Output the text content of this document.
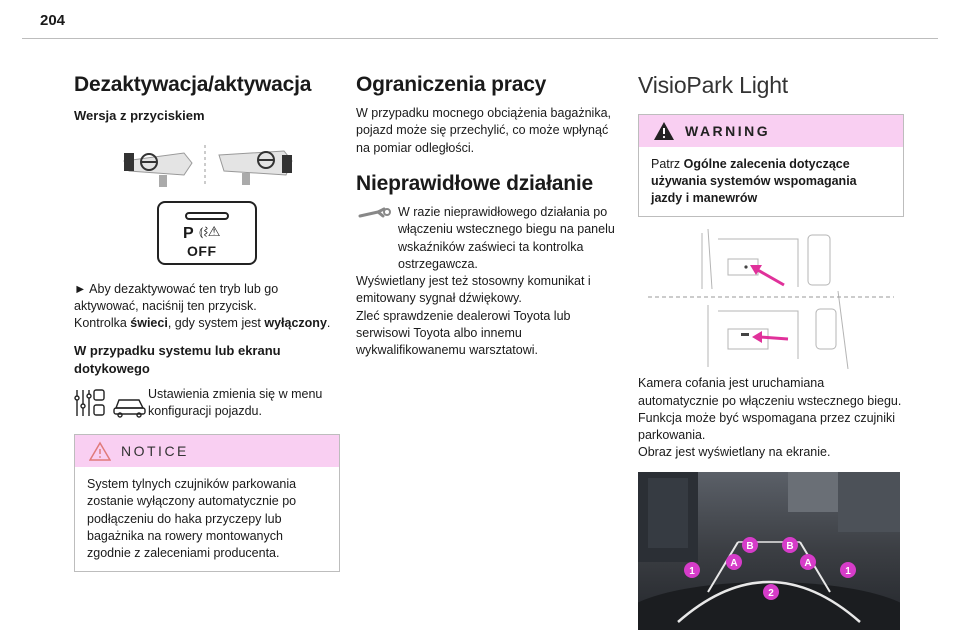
204
Dezaktywacja/aktywacja
Wersja z przyciskiem
P ⦅⌇⚠
OFF

► Aby dezaktywować ten tryb lub go aktywować, naciśnij ten przycisk.

Kontrolka świeci, gdy system jest wyłączony.

W przypadku systemu lub ekranu dotykowego

Ustawienia zmienia się w menu konfiguracji pojazdu.

NOTICE
System tylnych czujników parkowania zostanie wyłączony automatycznie po podłączeniu do haka przyczepy lub bagażnika na rowery montowanych zgodnie z zaleceniami producenta.
Ograniczenia pracy

W przypadku mocnego obciążenia bagażnika, pojazd może się przechylić, co może wpłynąć na pomiar odległości.

Nieprawidłowe działanie

W razie nieprawidłowego działania po włączeniu wstecznego biegu na panelu wskaźników zaświeci ta kontrolka ostrzegawcza.

Wyświetlany jest też stosowny komunikat i emitowany sygnał dźwiękowy.

Zleć sprawdzenie dealerowi Toyota lub serwisowi Toyota albo innemu wykwalifikowanemu warsztatowi.

VisioPark Light
WARNING
Patrz Ogólne zalecenia dotyczące używania systemów wspomagania jazdy i manewrów

Kamera cofania jest uruchamiana automatycznie po włączeniu wstecznego biegu.

Funkcja może być wspomagana przez czujniki parkowania.

Obraz jest wyświetlany na ekranie.

B	B
A	A
1	1
2
